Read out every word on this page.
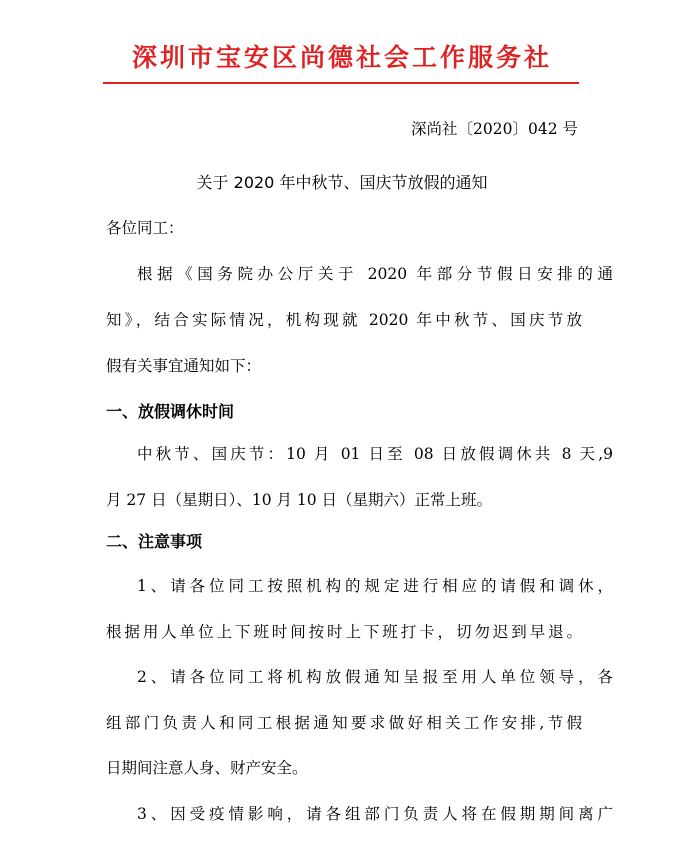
深圳市宝安区尚德社会工作服务社
深尚社〔2020〕042 号
关于 2020 年中秋节、国庆节放假的通知
各位同工：
根据《国务院办公厅关于 2020 年部分节假日安排的通
知》，结合实际情况，机构现就 2020 年中秋节、国庆节放
假有关事宜通知如下：
一、放假调休时间
中秋节、国庆节：10 月 01 日至 08 日放假调休共 8 天,9
月 27 日（星期日）、10 月 10 日（星期六）正常上班。
二、注意事项
1、请各位同工按照机构的规定进行相应的请假和调休，
根据用人单位上下班时间按时上下班打卡，切勿迟到早退。
2、请各位同工将机构放假通知呈报至用人单位领导，各
组部门负责人和同工根据通知要求做好相关工作安排,节假
日期间注意人身、财产安全。
3、因受疫情影响，请各组部门负责人将在假期期间离广
